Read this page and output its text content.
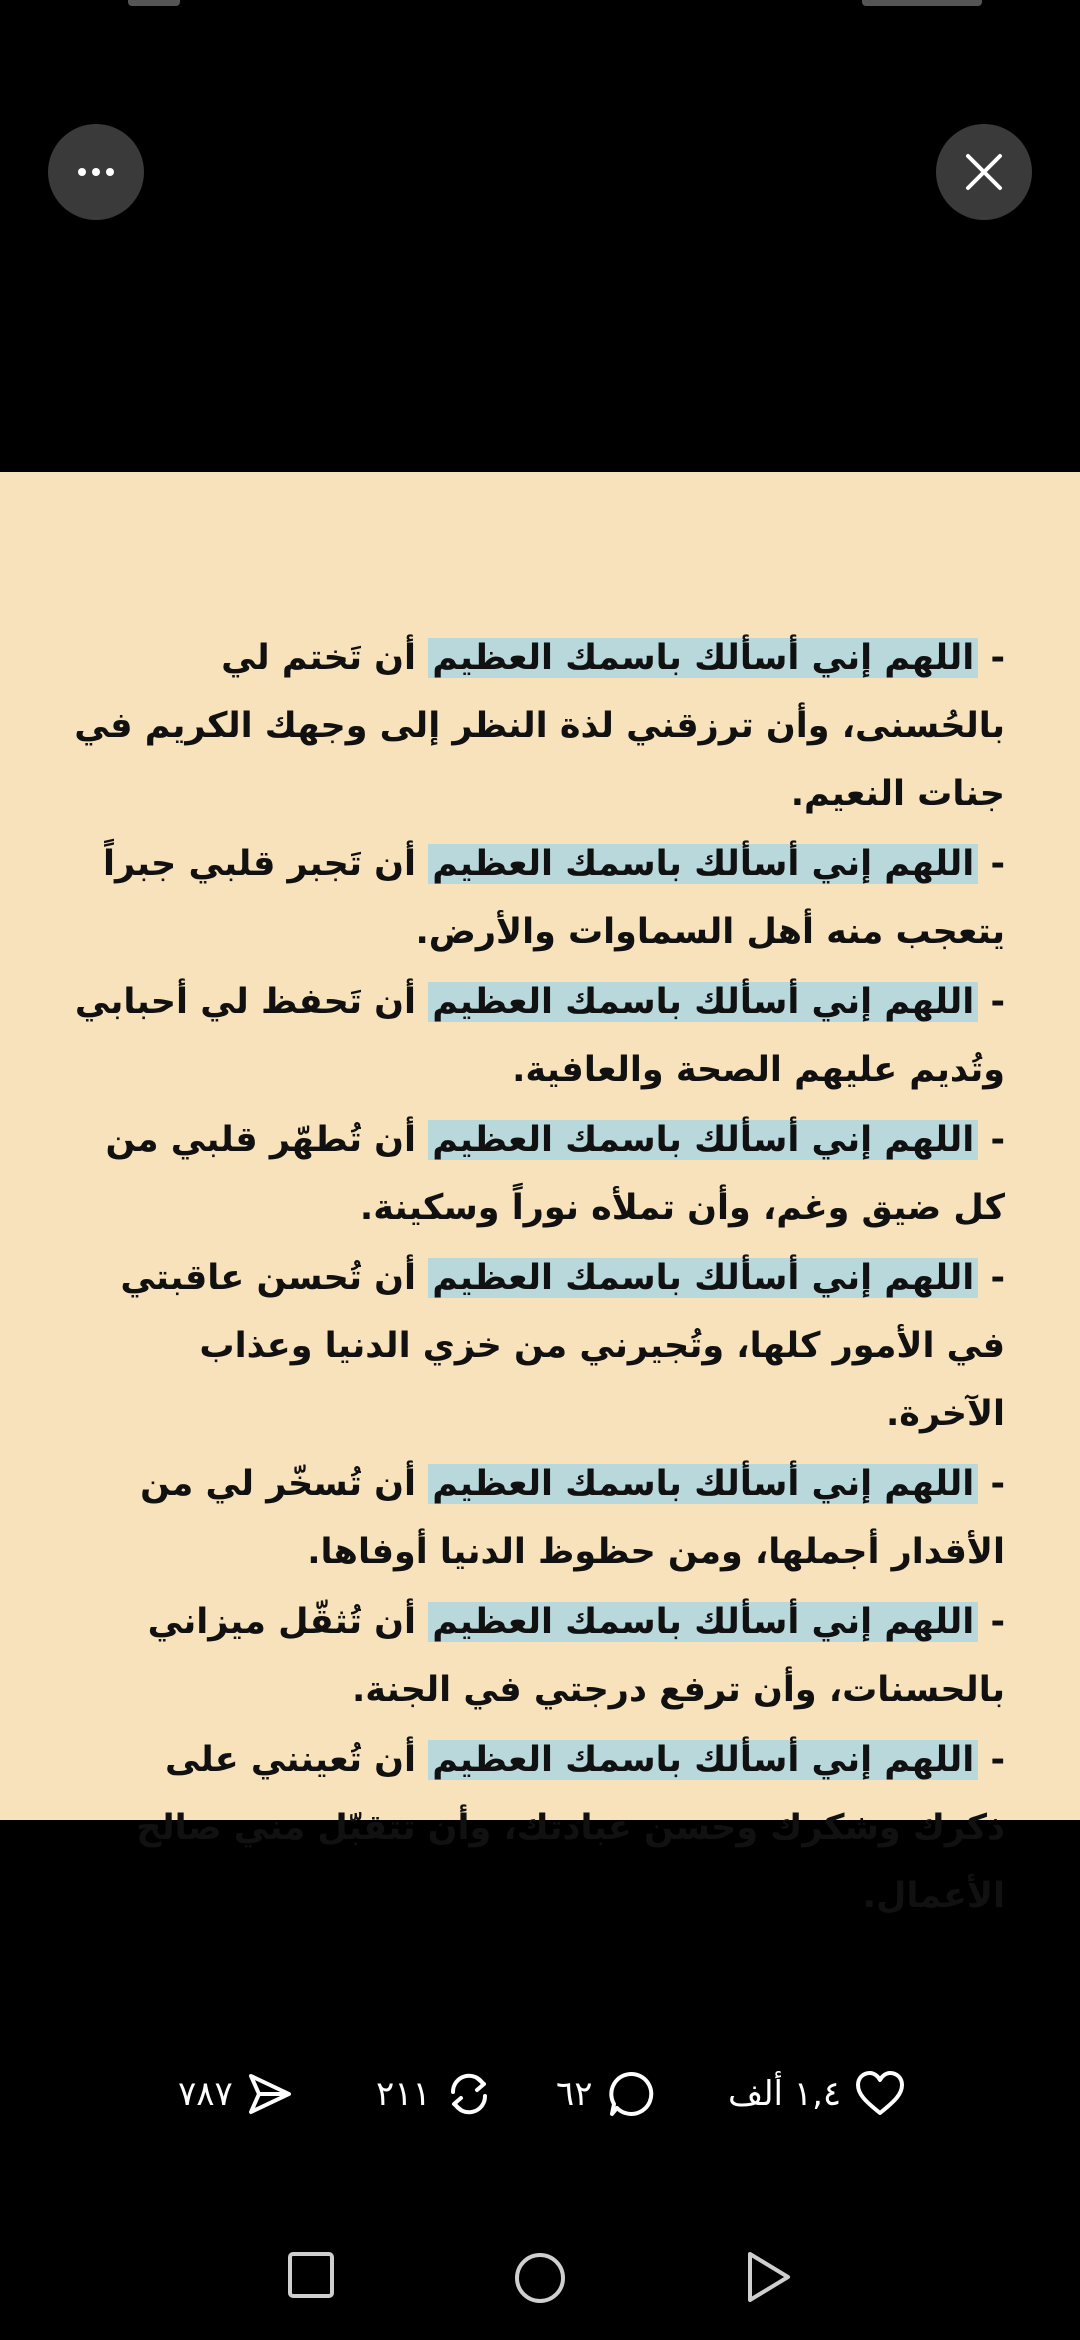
- اللهم إني أسألك باسمك العظيم أن تَختم لي بالحُسنى، وأن ترزقني لذة النظر إلى وجهك الكريم في جنات النعيم.
- اللهم إني أسألك باسمك العظيم أن تَجبر قلبي جبراً يتعجب منه أهل السماوات والأرض.
- اللهم إني أسألك باسمك العظيم أن تَحفظ لي أحبابي وتُديم عليهم الصحة والعافية.
- اللهم إني أسألك باسمك العظيم أن تُطهّر قلبي من كل ضيق وغم، وأن تملأه نوراً وسكينة.
- اللهم إني أسألك باسمك العظيم أن تُحسن عاقبتي في الأمور كلها، وتُجيرني من خزي الدنيا وعذاب الآخرة.
- اللهم إني أسألك باسمك العظيم أن تُسخّر لي من الأقدار أجملها، ومن حظوظ الدنيا أوفاها.
- اللهم إني أسألك باسمك العظيم أن تُثقّل ميزاني بالحسنات، وأن ترفع درجتي في الجنة.
- اللهم إني أسألك باسمك العظيم أن تُعينني على ذكرك وشكرك وحسن عبادتك، وأن تتقبّل مني صالح الأعمال.
٧٨٧	٢١١	٦٢	١,٤ ألف
